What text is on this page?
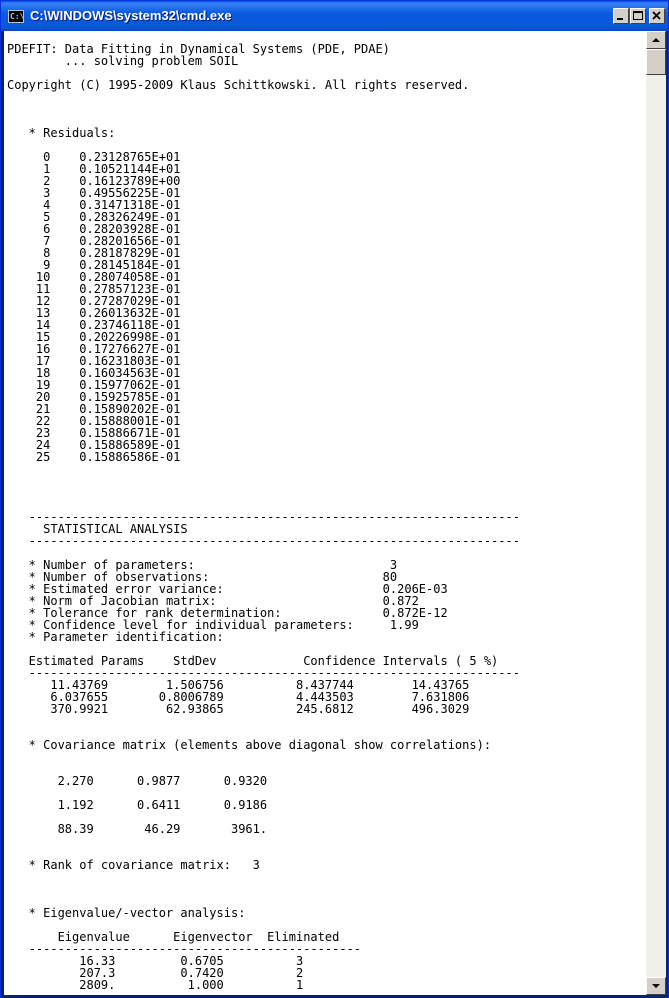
C:\ C:\WINDOWS\system32\cmd.exe
PDEFIT: Data Fitting in Dynamical Systems (PDE, PDAE)
... solving problem SOIL

Copyright (C) 1995-2009 Klaus Schittkowski. All rights reserved.

* Residuals:

0    0.23128765E+01
1    0.10521144E+01
2    0.16123789E+00
3    0.49556225E-01
4    0.31471318E-01
5    0.28326249E-01
6    0.28203928E-01
7    0.28201656E-01
8    0.28187829E-01
9    0.28145184E-01
10    0.28074058E-01
11    0.27857123E-01
12    0.27287029E-01
13    0.26013632E-01
14    0.23746118E-01
15    0.20226998E-01
16    0.17276627E-01
17    0.16231803E-01
18    0.16034563E-01
19    0.15977062E-01
20    0.15925785E-01
21    0.15890202E-01
22    0.15888001E-01
23    0.15886671E-01
24    0.15886589E-01
25    0.15886586E-01

--------------------------------------------------------------------
STATISTICAL ANALYSIS
--------------------------------------------------------------------

* Number of parameters:                           3
* Number of observations:                        80
* Estimated error variance:                      0.206E-03
* Norm of Jacobian matrix:                       0.872
* Tolerance for rank determination:              0.872E-12
* Confidence level for individual parameters:     1.99
* Parameter identification:

Estimated Params    StdDev            Confidence Intervals ( 5 %)
--------------------------------------------------------------------
11.43769        1.506756          8.437744        14.43765
6.037655       0.8006789          4.443503        7.631806
370.9921        62.93865          245.6812        496.3029

* Covariance matrix (elements above diagonal show correlations):

2.270      0.9877      0.9320

1.192      0.6411      0.9186

88.39       46.29       3961.

* Rank of covariance matrix:   3

* Eigenvalue/-vector analysis:

Eigenvalue      Eigenvector  Eliminated
----------------------------------------------
16.33         0.6705          3
207.3         0.7420          2
2809.          1.000          1
